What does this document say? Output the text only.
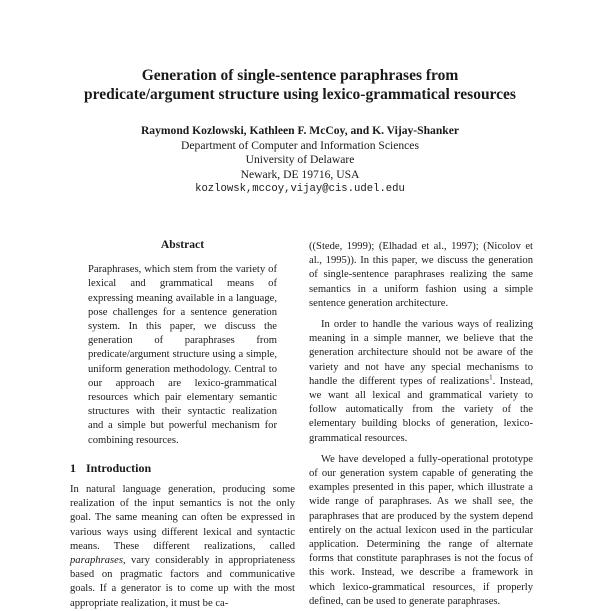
Generation of single-sentence paraphrases from
predicate/argument structure using lexico-grammatical resources
Raymond Kozlowski, Kathleen F. McCoy, and K. Vijay-Shanker
Department of Computer and Information Sciences
University of Delaware
Newark, DE 19716, USA
kozlowsk,mccoy,vijay@cis.udel.edu
Abstract

Paraphrases, which stem from the variety of lexical and grammatical means of expressing meaning available in a language, pose challenges for a sentence generation system. In this paper, we discuss the generation of paraphrases from predicate/argument structure using a simple, uniform generation methodology. Central to our approach are lexico-grammatical resources which pair elementary semantic structures with their syntactic realization and a simple but powerful mechanism for combining resources.

1 Introduction

In natural language generation, producing some realization of the input semantics is not the only goal. The same meaning can often be expressed in various ways using different lexical and syntactic means. These different realizations, called paraphrases, vary considerably in appropriateness based on pragmatic factors and communicative goals. If a generator is to come up with the most appropriate realization, it must be ca-

((Stede, 1999); (Elhadad et al., 1997); (Nicolov et al., 1995)). In this paper, we discuss the generation of single-sentence paraphrases realizing the same semantics in a uniform fashion using a simple sentence generation architecture.

In order to handle the various ways of realizing meaning in a simple manner, we believe that the generation architecture should not be aware of the variety and not have any special mechanisms to handle the different types of realizations$^1$. Instead, we want all lexical and grammatical variety to follow automatically from the variety of the elementary building blocks of generation, lexico-grammatical resources.

We have developed a fully-operational prototype of our generation system capable of generating the examples presented in this paper, which illustrate a wide range of paraphrases. As we shall see, the paraphrases that are produced by the system depend entirely on the actual lexicon used in the particular application. Determining the range of alternate forms that constitute paraphrases is not the focus of this work. Instead, we describe a framework in which lexico-grammatical resources, if properly defined, can be used to generate paraphrases.
